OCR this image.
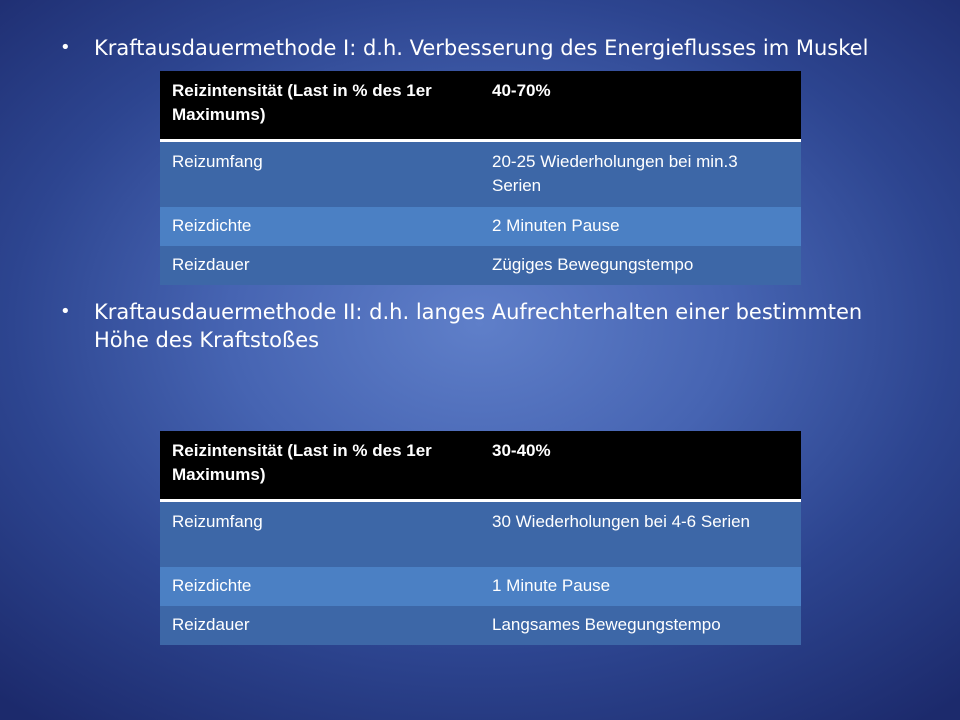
•	Kraftausdauermethode I: d.h. Verbesserung des Energieflusses im Muskel
Reizintensität (Last in % des 1er Maximums)	40-70%
Reizumfang	20-25 Wiederholungen bei min.3 Serien
Reizdichte	2 Minuten Pause
Reizdauer	Zügiges Bewegungstempo
•	Kraftausdauermethode II: d.h. langes Aufrechterhalten einer bestimmten Höhe des Kraftstoßes
Reizintensität (Last in % des 1er Maximums)	30-40%
Reizumfang	30 Wiederholungen bei 4-6 Serien
Reizdichte	1 Minute Pause
Reizdauer	Langsames Bewegungstempo
